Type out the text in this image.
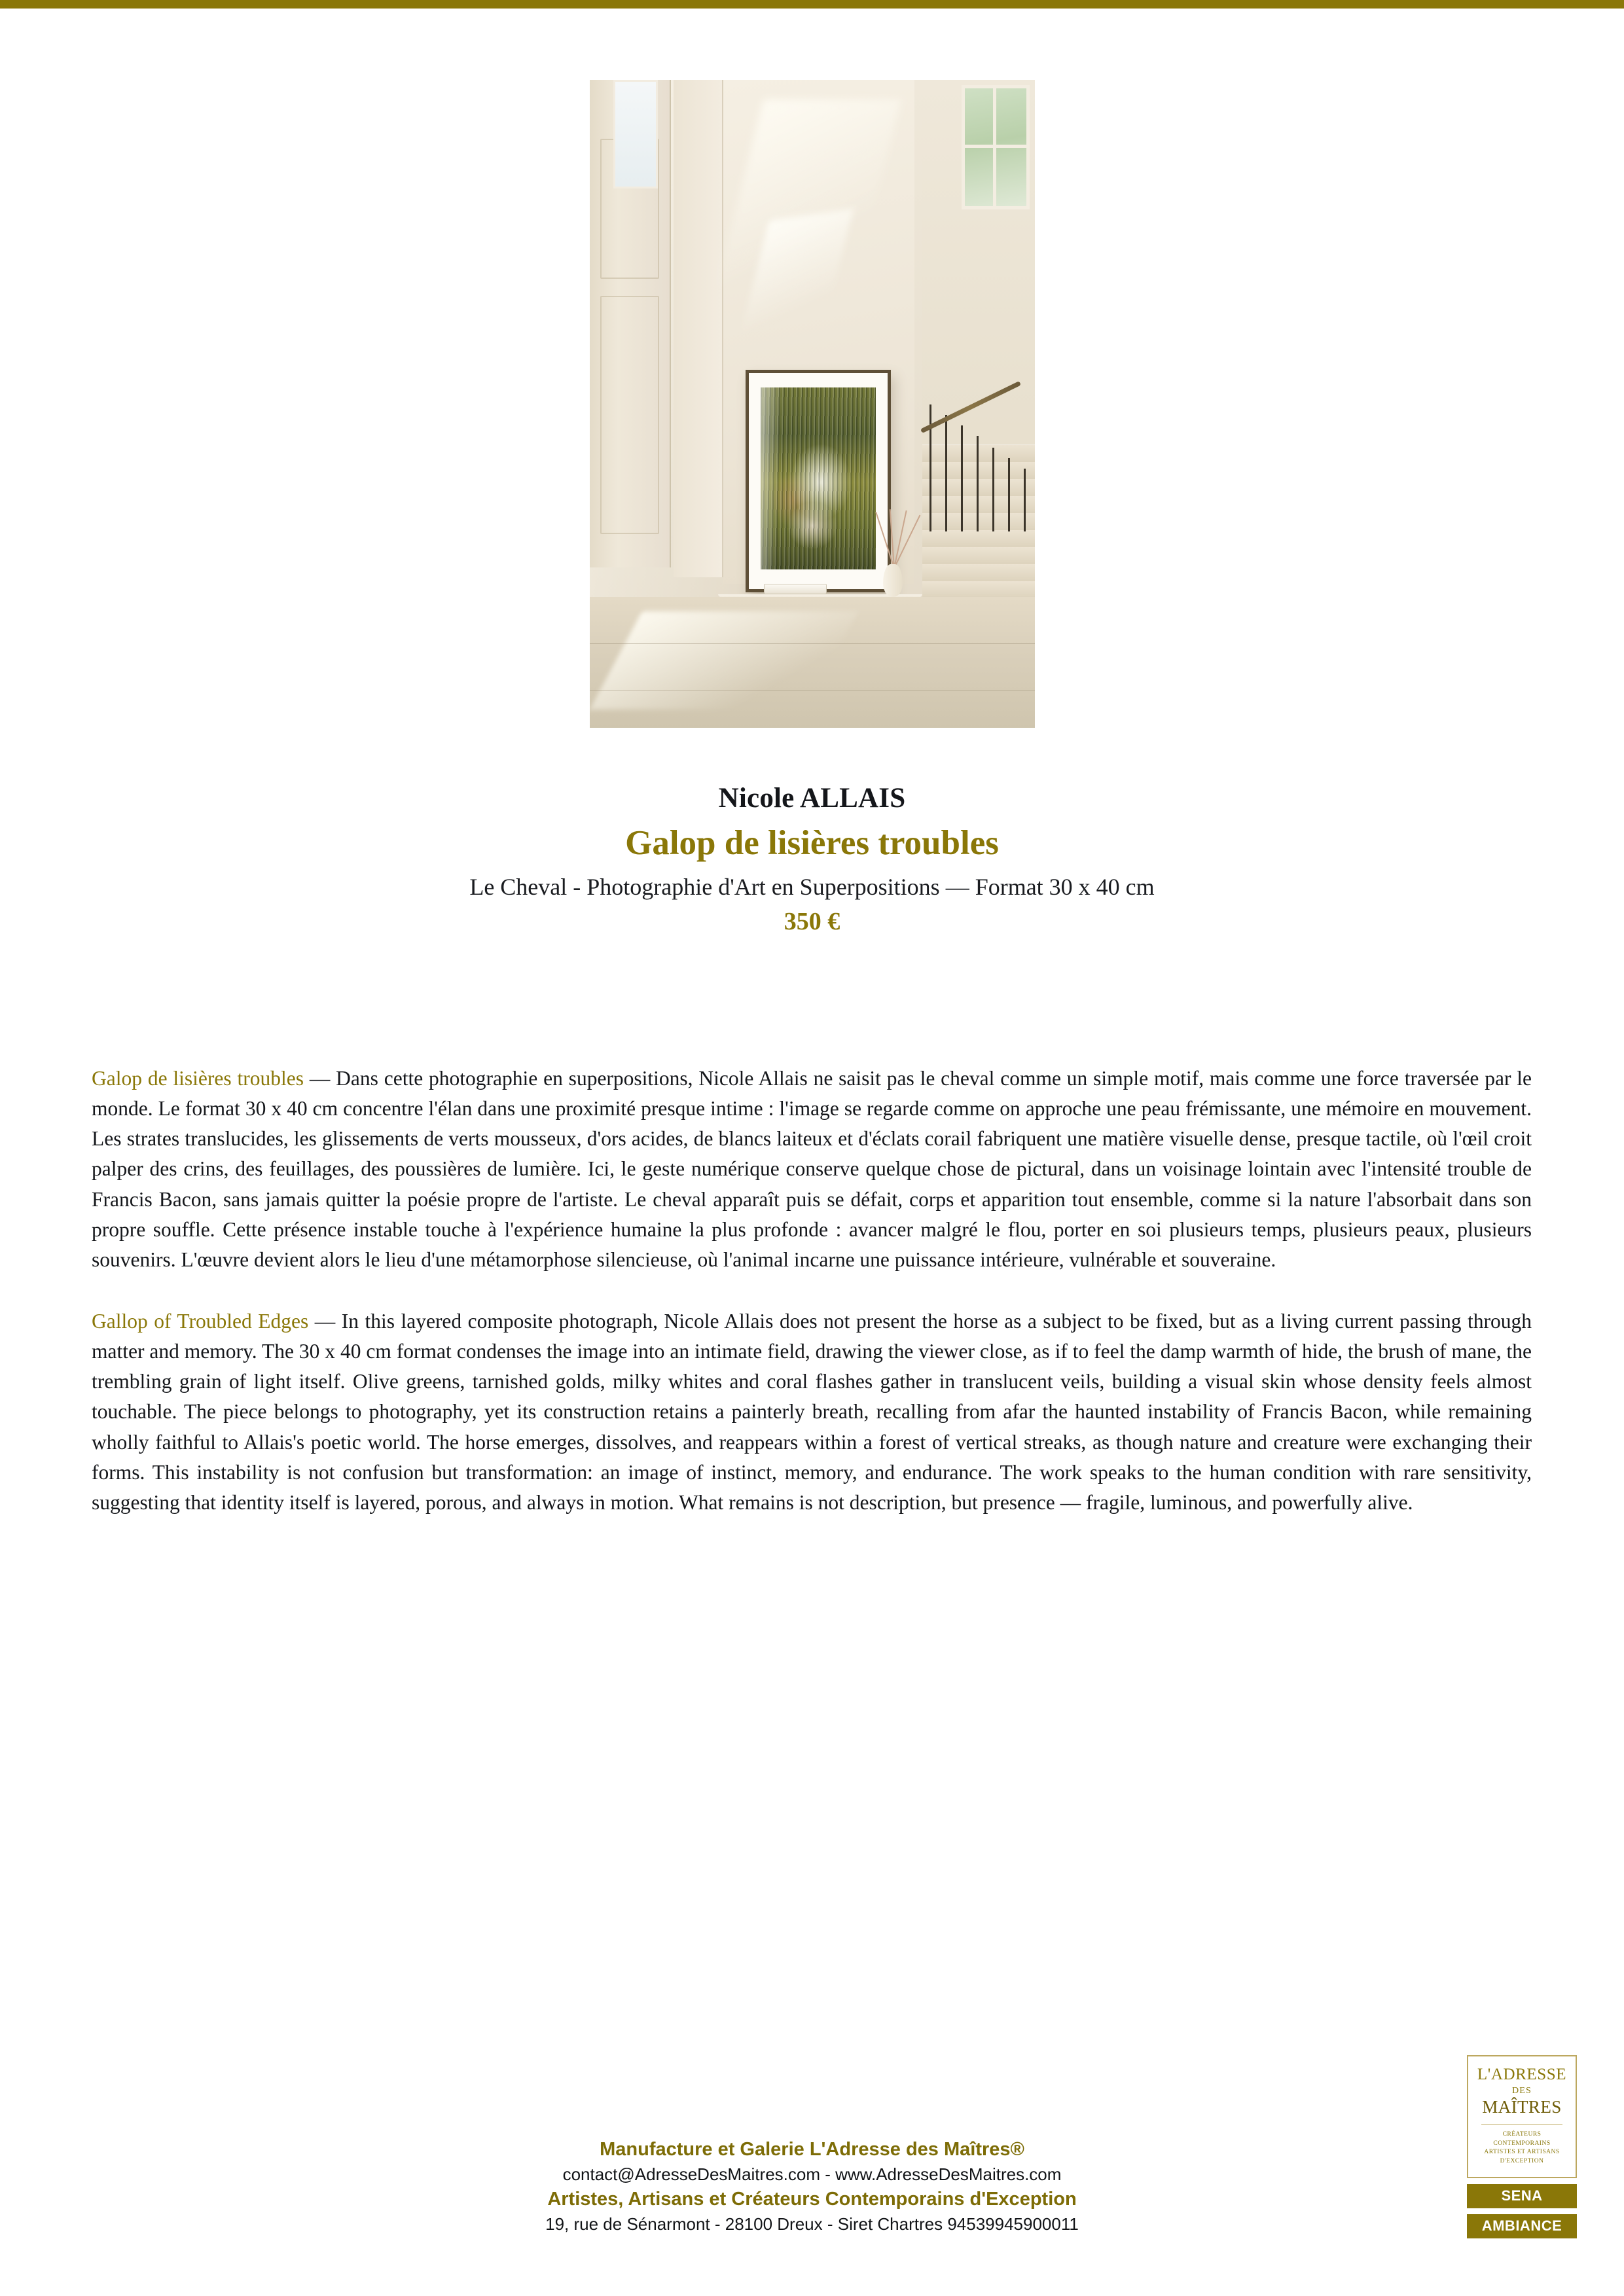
Nicole ALLAIS
Galop de lisières troubles

Le Cheval - Photographie d'Art en Superpositions — Format 30 x 40 cm

350 €

Galop de lisières troubles — Dans cette photographie en superpositions, Nicole Allais ne saisit pas le cheval comme un simple motif, mais comme une force traversée par le monde. Le format 30 x 40 cm concentre l'élan dans une proximité presque intime : l'image se regarde comme on approche une peau frémissante, une mémoire en mouvement. Les strates translucides, les glissements de verts mousseux, d'ors acides, de blancs laiteux et d'éclats corail fabriquent une matière visuelle dense, presque tactile, où l'œil croit palper des crins, des feuillages, des poussières de lumière. Ici, le geste numérique conserve quelque chose de pictural, dans un voisinage lointain avec l'intensité trouble de Francis Bacon, sans jamais quitter la poésie propre de l'artiste. Le cheval apparaît puis se défait, corps et apparition tout ensemble, comme si la nature l'absorbait dans son propre souffle. Cette présence instable touche à l'expérience humaine la plus profonde : avancer malgré le flou, porter en soi plusieurs temps, plusieurs peaux, plusieurs souvenirs. L'œuvre devient alors le lieu d'une métamorphose silencieuse, où l'animal incarne une puissance intérieure, vulnérable et souveraine.

Gallop of Troubled Edges — In this layered composite photograph, Nicole Allais does not present the horse as a subject to be fixed, but as a living current passing through matter and memory. The 30 x 40 cm format condenses the image into an intimate field, drawing the viewer close, as if to feel the damp warmth of hide, the brush of mane, the trembling grain of light itself. Olive greens, tarnished golds, milky whites and coral flashes gather in translucent veils, building a visual skin whose density feels almost touchable. The piece belongs to photography, yet its construction retains a painterly breath, recalling from afar the haunted instability of Francis Bacon, while remaining wholly faithful to Allais's poetic world. The horse emerges, dissolves, and reappears within a forest of vertical streaks, as though nature and creature were exchanging their forms. This instability is not confusion but transformation: an image of instinct, memory, and endurance. The work speaks to the human condition with rare sensitivity, suggesting that identity itself is layered, porous, and always in motion. What remains is not description, but presence — fragile, luminous, and powerfully alive.

Manufacture et Galerie L'Adresse des Maîtres®

contact@AdresseDesMaitres.com - www.AdresseDesMaitres.com

Artistes, Artisans et Créateurs Contemporains d'Exception

19, rue de Sénarmont - 28100 Dreux - Siret Chartres 94539945900011

L'ADRESSE
DES
MAÎTRES
CRÉATEURS CONTEMPORAINS
ARTISTES ET ARTISANS
D'EXCEPTION
SENA
AMBIANCE
